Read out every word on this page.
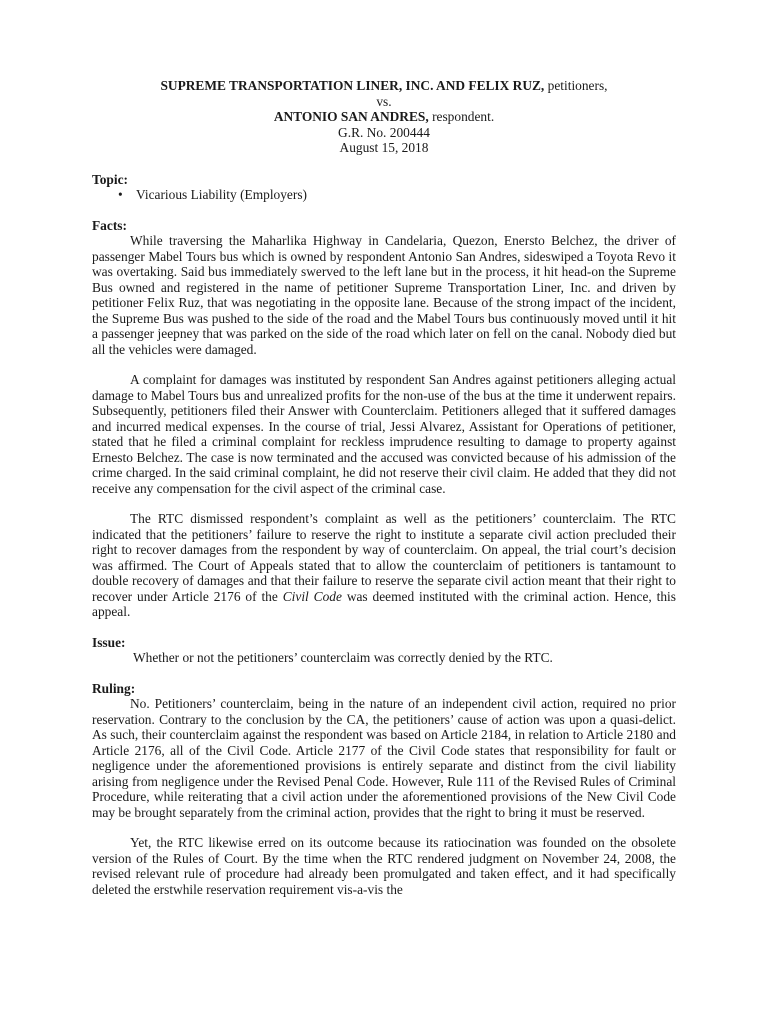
SUPREME TRANSPORTATION LINER, INC. AND FELIX RUZ, petitioners,
vs.
ANTONIO SAN ANDRES, respondent.
G.R. No. 200444
August 15, 2018
Topic:
• Vicarious Liability (Employers)
Facts:

While traversing the Maharlika Highway in Candelaria, Quezon, Enersto Belchez, the driver of passenger Mabel Tours bus which is owned by respondent Antonio San Andres, sideswiped a Toyota Revo it was overtaking. Said bus immediately swerved to the left lane but in the process, it hit head-on the Supreme Bus owned and registered in the name of petitioner Supreme Transportation Liner, Inc. and driven by petitioner Felix Ruz, that was negotiating in the opposite lane. Because of the strong impact of the incident, the Supreme Bus was pushed to the side of the road and the Mabel Tours bus continuously moved until it hit a passenger jeepney that was parked on the side of the road which later on fell on the canal. Nobody died but all the vehicles were damaged.

A complaint for damages was instituted by respondent San Andres against petitioners alleging actual damage to Mabel Tours bus and unrealized profits for the non-use of the bus at the time it underwent repairs. Subsequently, petitioners filed their Answer with Counterclaim. Petitioners alleged that it suffered damages and incurred medical expenses. In the course of trial, Jessi Alvarez, Assistant for Operations of petitioner, stated that he filed a criminal complaint for reckless imprudence resulting to damage to property against Ernesto Belchez. The case is now terminated and the accused was convicted because of his admission of the crime charged. In the said criminal complaint, he did not reserve their civil claim. He added that they did not receive any compensation for the civil aspect of the criminal case.

The RTC dismissed respondent’s complaint as well as the petitioners’ counterclaim. The RTC indicated that the petitioners’ failure to reserve the right to institute a separate civil action precluded their right to recover damages from the respondent by way of counterclaim. On appeal, the trial court’s decision was affirmed. The Court of Appeals stated that to allow the counterclaim of petitioners is tantamount to double recovery of damages and that their failure to reserve the separate civil action meant that their right to recover under Article 2176 of the Civil Code was deemed instituted with the criminal action. Hence, this appeal.

Issue:
Whether or not the petitioners’ counterclaim was correctly denied by the RTC.
Ruling:

No. Petitioners’ counterclaim, being in the nature of an independent civil action, required no prior reservation. Contrary to the conclusion by the CA, the petitioners’ cause of action was upon a quasi-delict. As such, their counterclaim against the respondent was based on Article 2184, in relation to Article 2180 and Article 2176, all of the Civil Code. Article 2177 of the Civil Code states that responsibility for fault or negligence under the aforementioned provisions is entirely separate and distinct from the civil liability arising from negligence under the Revised Penal Code. However, Rule 111 of the Revised Rules of Criminal Procedure, while reiterating that a civil action under the aforementioned provisions of the New Civil Code may be brought separately from the criminal action, provides that the right to bring it must be reserved.

Yet, the RTC likewise erred on its outcome because its ratiocination was founded on the obsolete version of the Rules of Court. By the time when the RTC rendered judgment on November 24, 2008, the revised relevant rule of procedure had already been promulgated and taken effect, and it had specifically deleted the erstwhile reservation requirement vis-a-vis the
